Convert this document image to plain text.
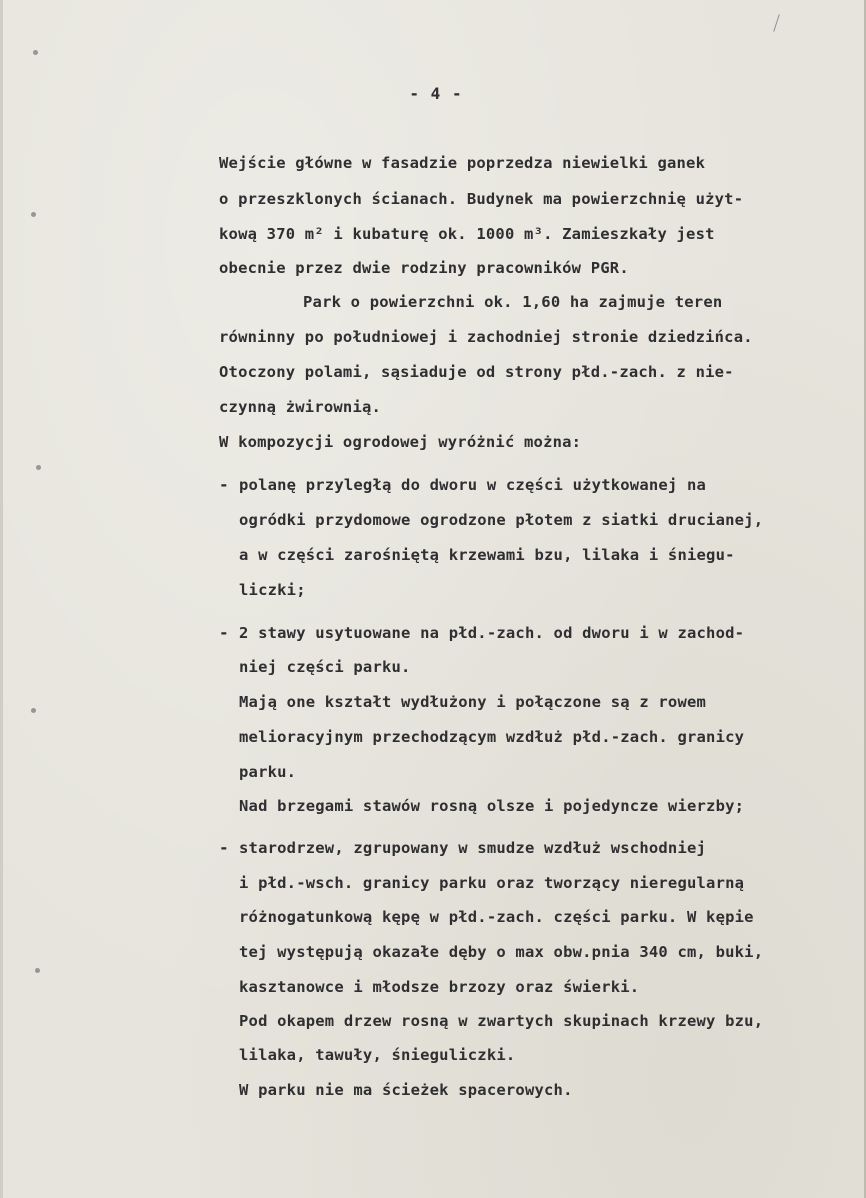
- 4 -
Wejście główne w fasadzie poprzedza niewielki ganek
o przeszklonych ścianach. Budynek ma powierzchnię użyt-
kową 370 m² i kubaturę ok. 1000 m³. Zamieszkały jest
obecnie przez dwie rodziny pracowników PGR.
Park o powierzchni ok. 1,60 ha zajmuje teren
równinny po południowej i zachodniej stronie dziedzińca.
Otoczony polami, sąsiaduje od strony płd.-zach. z nie-
czynną żwirownią.
W kompozycji ogrodowej wyróżnić można:
- polanę przyległą do dworu w części użytkowanej na
ogródki przydomowe ogrodzone płotem z siatki drucianej,
a w części zarośniętą krzewami bzu, lilaka i śniegu-
liczki;
- 2 stawy usytuowane na płd.-zach. od dworu i w zachod-
niej części parku.
Mają one kształt wydłużony i połączone są z rowem
melioracyjnym przechodzącym wzdłuż płd.-zach. granicy
parku.
Nad brzegami stawów rosną olsze i pojedyncze wierzby;
- starodrzew, zgrupowany w smudze wzdłuż wschodniej
i płd.-wsch. granicy parku oraz tworzący nieregularną
różnogatunkową kępę w płd.-zach. części parku. W kępie
tej występują okazałe dęby o max obw.pnia 340 cm, buki,
kasztanowce i młodsze brzozy oraz świerki.
Pod okapem drzew rosną w zwartych skupinach krzewy bzu,
lilaka, tawuły, śnieguliczki.
W parku nie ma ścieżek spacerowych.
